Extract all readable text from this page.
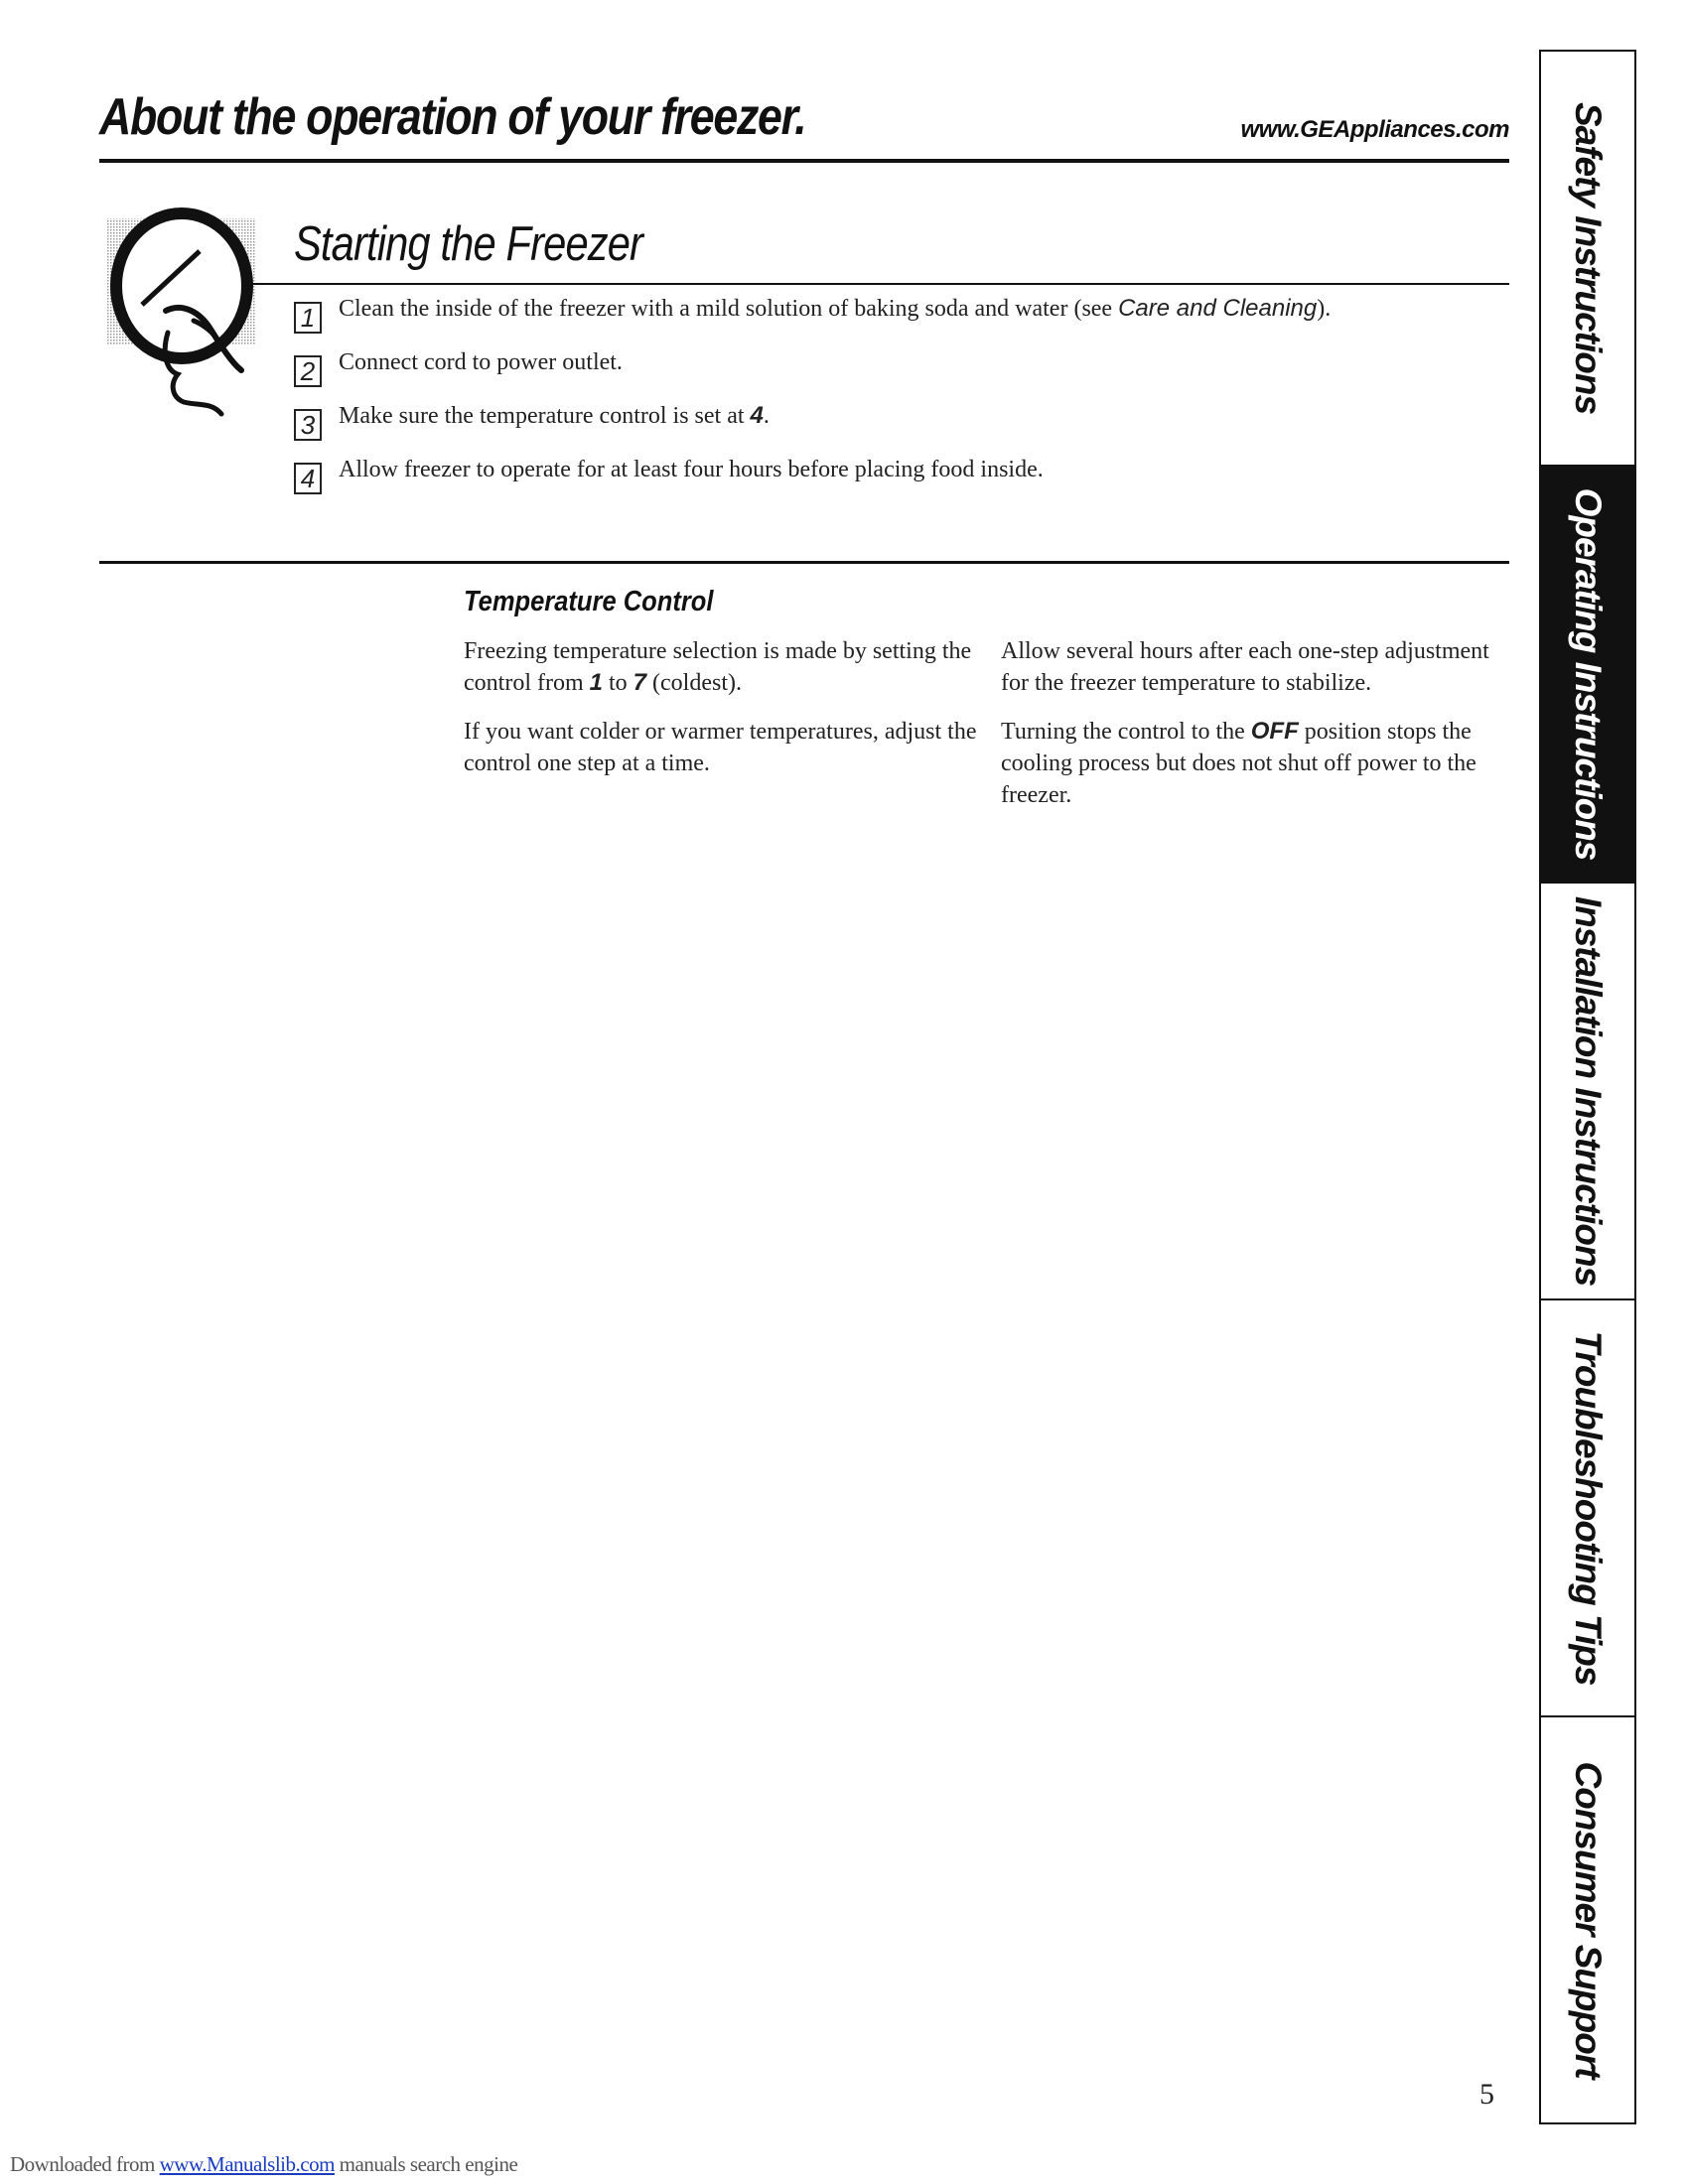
About the operation of your freezer.	www.GEAppliances.com
Starting the Freezer
1 Clean the inside of the freezer with a mild solution of baking soda and water (see Care and Cleaning).
2 Connect cord to power outlet.
3 Make sure the temperature control is set at 4.
4 Allow freezer to operate for at least four hours before placing food inside.
Temperature Control

Freezing temperature selection is made by setting the control from 1 to 7 (coldest).

If you want colder or warmer temperatures, adjust the control one step at a time.

Allow several hours after each one-step adjustment for the freezer temperature to stabilize.

Turning the control to the OFF position stops the cooling process but does not shut off power to the freezer.

Safety Instructions
Operating Instructions
Installation Instructions
Troubleshooting Tips
Consumer Support
5
Downloaded from www.Manualslib.com manuals search engine
